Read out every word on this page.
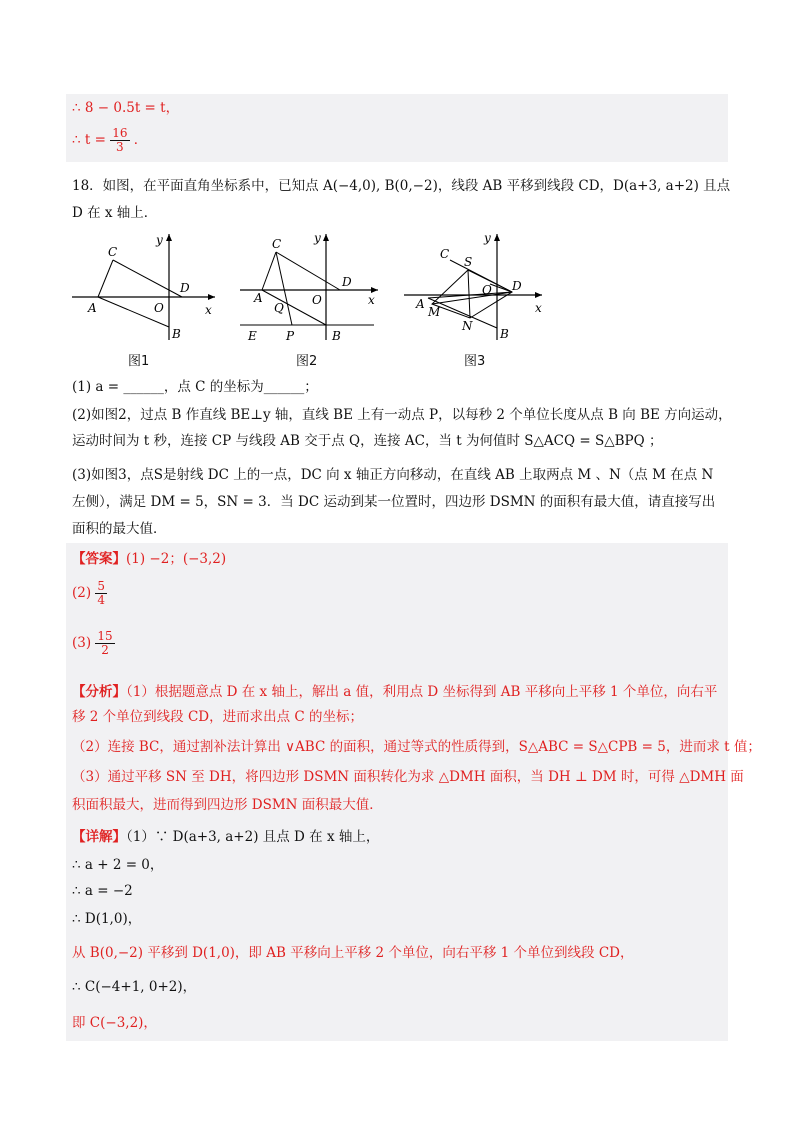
∴ 8 − 0.5t = t，
∴ $t = \frac{16}{3}$ ．
18．如图，在平面直角坐标系中，已知点 A(−4,0), B(0,−2)，线段 AB 平移到线段 CD，D(a+3, a+2) 且点
D 在 x 轴上．
C
y
A	O
D
x
B
C	y
A
Q
O
D
x
E P	B
C
S
y
A
M
O D
x
N
B
图1	图2	图3
(1) a = ______，点 C 的坐标为______；
(2)如图2，过点 B 作直线 BE⊥y 轴，直线 BE 上有一动点 P，以每秒 2 个单位长度从点 B 向 BE 方向运动，
运动时间为 t 秒，连接 CP 与线段 AB 交于点 Q，连接 AC，当 t 为何值时 S△ACQ = S△BPQ ；
(3)如图3，点S是射线 DC 上的一点，DC 向 x 轴正方向移动，在直线 AB 上取两点 M 、N（点 M 在点 N
左侧），满足 DM = 5，SN = 3．当 DC 运动到某一位置时，四边形 DSMN 的面积有最大值，请直接写出
面积的最大值．
【答案】(1) −2；(−3,2)
$(2) \frac{5}{4}$
$(3) \frac{15}{2}$
【分析】（1）根据题意点 D 在 x 轴上，解出 a 值，利用点 D 坐标得到 AB 平移向上平移 1 个单位，向右平
移 2 个单位到线段 CD，进而求出点 C 的坐标；
（2）连接 BC，通过割补法计算出 ∨ABC 的面积，通过等式的性质得到，S△ABC = S△CPB = 5，进而求 t 值；
（3）通过平移 SN 至 DH，将四边形 DSMN 面积转化为求 △DMH 面积，当 DH ⊥ DM 时，可得 △DMH 面
积面积最大，进而得到四边形 DSMN 面积最大值．
【详解】（1）∵ D(a+3, a+2) 且点 D 在 x 轴上，
∴ a + 2 = 0，
∴ a = −2
∴ D(1,0)，
从 B(0,−2) 平移到 D(1,0)，即 AB 平移向上平移 2 个单位，向右平移 1 个单位到线段 CD，
∴ C(−4+1, 0+2)，
即 C(−3,2)，
